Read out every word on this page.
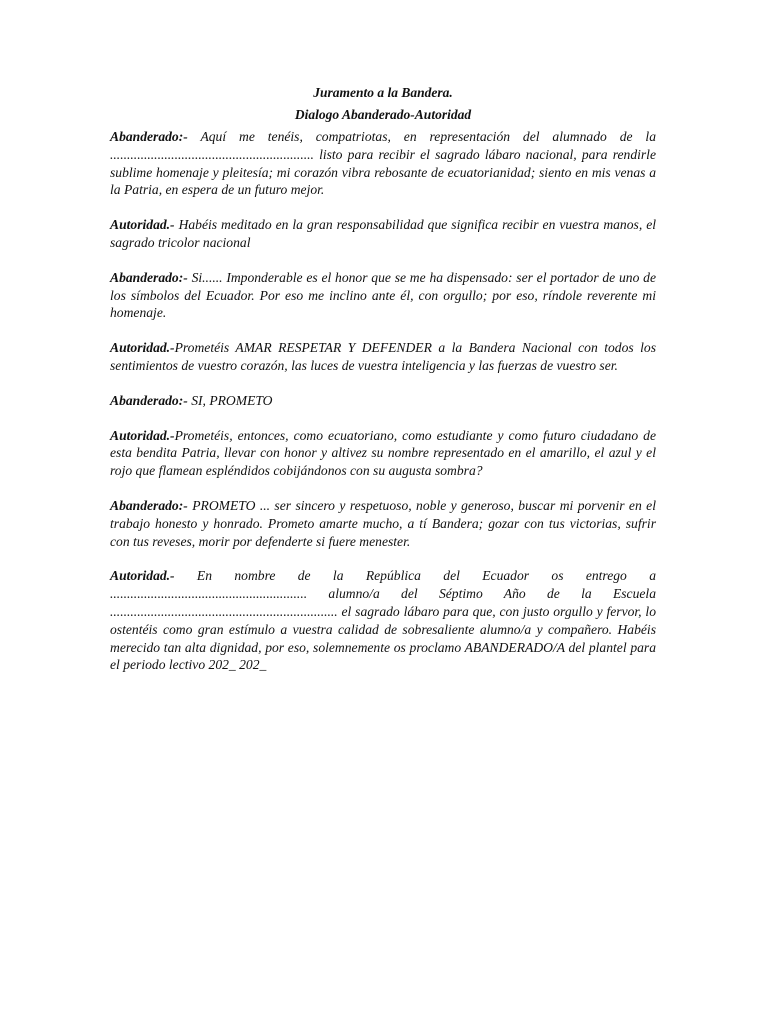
Juramento a la Bandera.
Dialogo Abanderado-Autoridad
Abanderado:- Aquí me tenéis, compatriotas, en representación del alumnado de la ............................................................ listo para recibir el sagrado lábaro nacional, para rendirle sublime homenaje y pleitesía; mi corazón vibra rebosante de ecuatorianidad; siento en mis venas a la Patria, en espera de un futuro mejor.
Autoridad.- Habéis meditado en la gran responsabilidad que significa recibir en vuestra manos, el sagrado tricolor nacional
Abanderado:- Si...... Imponderable es el honor que se me ha dispensado: ser el portador de uno de los símbolos del Ecuador. Por eso me inclino ante él, con orgullo; por eso, ríndole reverente mi homenaje.
Autoridad.-Prometéis AMAR RESPETAR Y DEFENDER a la Bandera Nacional con todos los sentimientos de vuestro corazón, las luces de vuestra inteligencia y las fuerzas de vuestro ser.
Abanderado:- SI, PROMETO
Autoridad.-Prometéis, entonces, como ecuatoriano, como estudiante y como futuro ciudadano de esta bendita Patria, llevar con honor y altivez su nombre representado en el amarillo, el azul y el rojo que flamean espléndidos cobijándonos con su augusta sombra?
Abanderado:- PROMETO ... ser sincero y respetuoso, noble y generoso, buscar mi porvenir en el trabajo honesto y honrado. Prometo amarte mucho, a tí Bandera; gozar con tus victorias, sufrir con tus reveses, morir por defenderte si fuere menester.
Autoridad.- En nombre de la República del Ecuador os entrego a .......................................................... alumno/a del Séptimo Año de la Escuela ................................................................... el sagrado lábaro para que, con justo orgullo y fervor, lo ostentéis como gran estímulo a vuestra calidad de sobresaliente alumno/a y compañero. Habéis merecido tan alta dignidad, por eso, solemnemente os proclamo ABANDERADO/A del plantel para el periodo lectivo 202_ 202_
